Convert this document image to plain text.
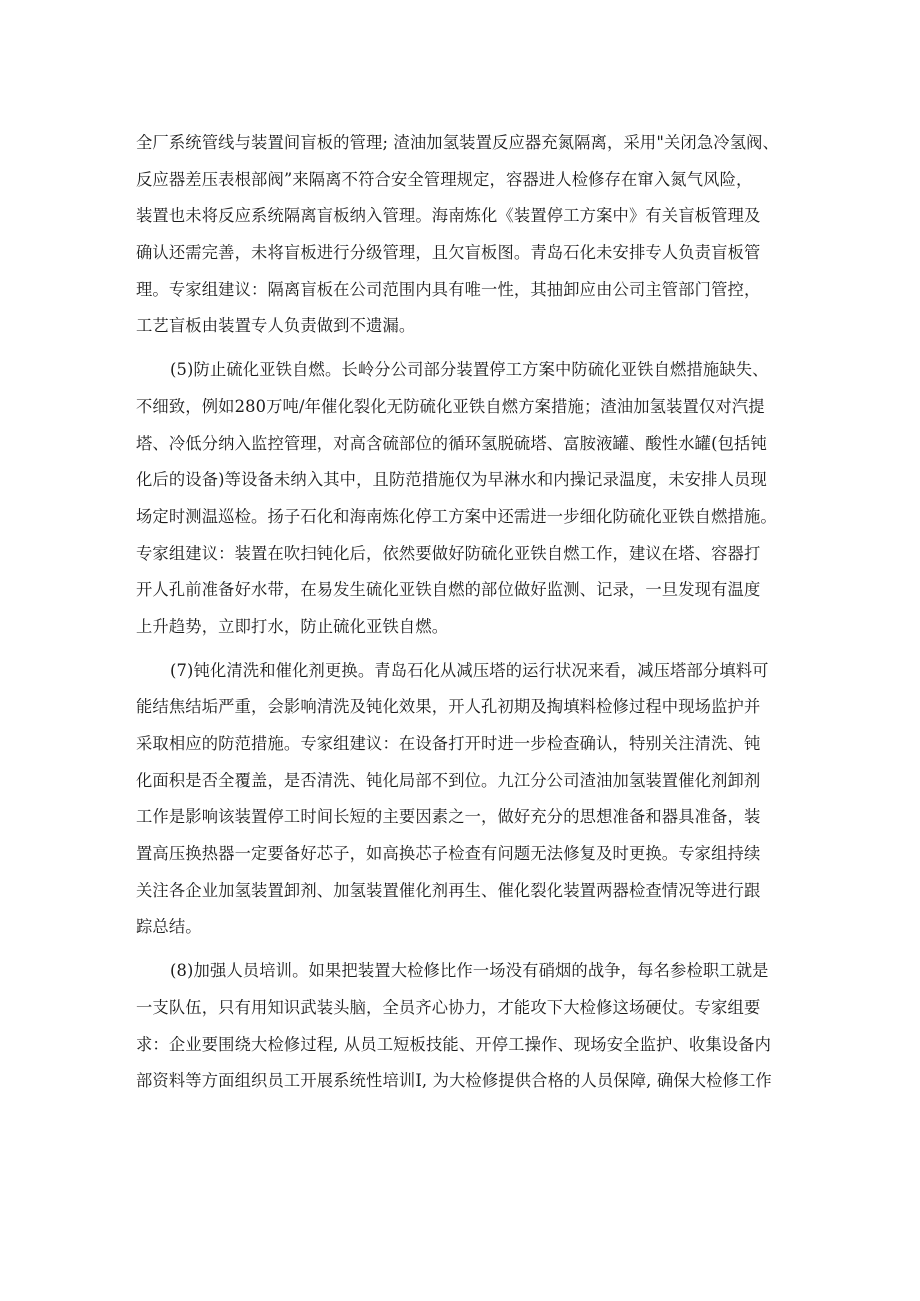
全厂系统管线与装置间盲板的管理; 渣油加氢装置反应器充氮隔离，采用"关闭急冷氢阀、
反应器差压表根部阀”来隔离不符合安全管理规定，容器进人检修存在窜入氮气风险，
装置也未将反应系统隔离盲板纳入管理。海南炼化《装置停工方案中》有关盲板管理及
确认还需完善，未将盲板进行分级管理，且欠盲板图。青岛石化未安排专人负责盲板管
理。专家组建议：隔离盲板在公司范围内具有唯一性，其抽卸应由公司主管部门管控，
工艺盲板由装置专人负责做到不遗漏。
(5)防止硫化亚铁自燃。长岭分公司部分装置停工方案中防硫化亚铁自燃措施缺失、
不细致，例如280万吨/年催化裂化无防硫化亚铁自燃方案措施；渣油加氢装置仅对汽提
塔、冷低分纳入监控管理，对高含硫部位的循环氢脱硫塔、富胺液罐、酸性水罐(包括钝
化后的设备)等设备未纳入其中，且防范措施仅为早淋水和内操记录温度，未安排人员现
场定时测温巡检。扬子石化和海南炼化停工方案中还需进一步细化防硫化亚铁自燃措施。
专家组建议：装置在吹扫钝化后，依然要做好防硫化亚铁自燃工作，建议在塔、容器打
开人孔前准备好水带，在易发生硫化亚铁自燃的部位做好监测、记录，一旦发现有温度
上升趋势，立即打水，防止硫化亚铁自燃。
(7)钝化清洗和催化剂更换。青岛石化从减压塔的运行状况来看，减压塔部分填料可
能结焦结垢严重，会影响清洗及钝化效果，开人孔初期及掏填料检修过程中现场监护并
采取相应的防范措施。专家组建议：在设备打开时进一步检查确认，特别关注清洗、钝
化面积是否全覆盖，是否清洗、钝化局部不到位。九江分公司渣油加氢装置催化剂卸剂
工作是影响该装置停工时间长短的主要因素之一，做好充分的思想准备和器具准备，装
置高压换热器一定要备好芯子，如高换芯子检查有问题无法修复及时更换。专家组持续
关注各企业加氢装置卸剂、加氢装置催化剂再生、催化裂化装置两器检查情况等进行跟
踪总结。
(8)加强人员培训。如果把装置大检修比作一场没有硝烟的战争，每名参检职工就是
一支队伍，只有用知识武装头脑，全员齐心协力，才能攻下大检修这场硬仗。专家组要
求：企业要围绕大检修过程, 从员工短板技能、开停工操作、现场安全监护、收集设备内
部资料等方面组织员工开展系统性培训I, 为大检修提供合格的人员保障, 确保大检修工作
